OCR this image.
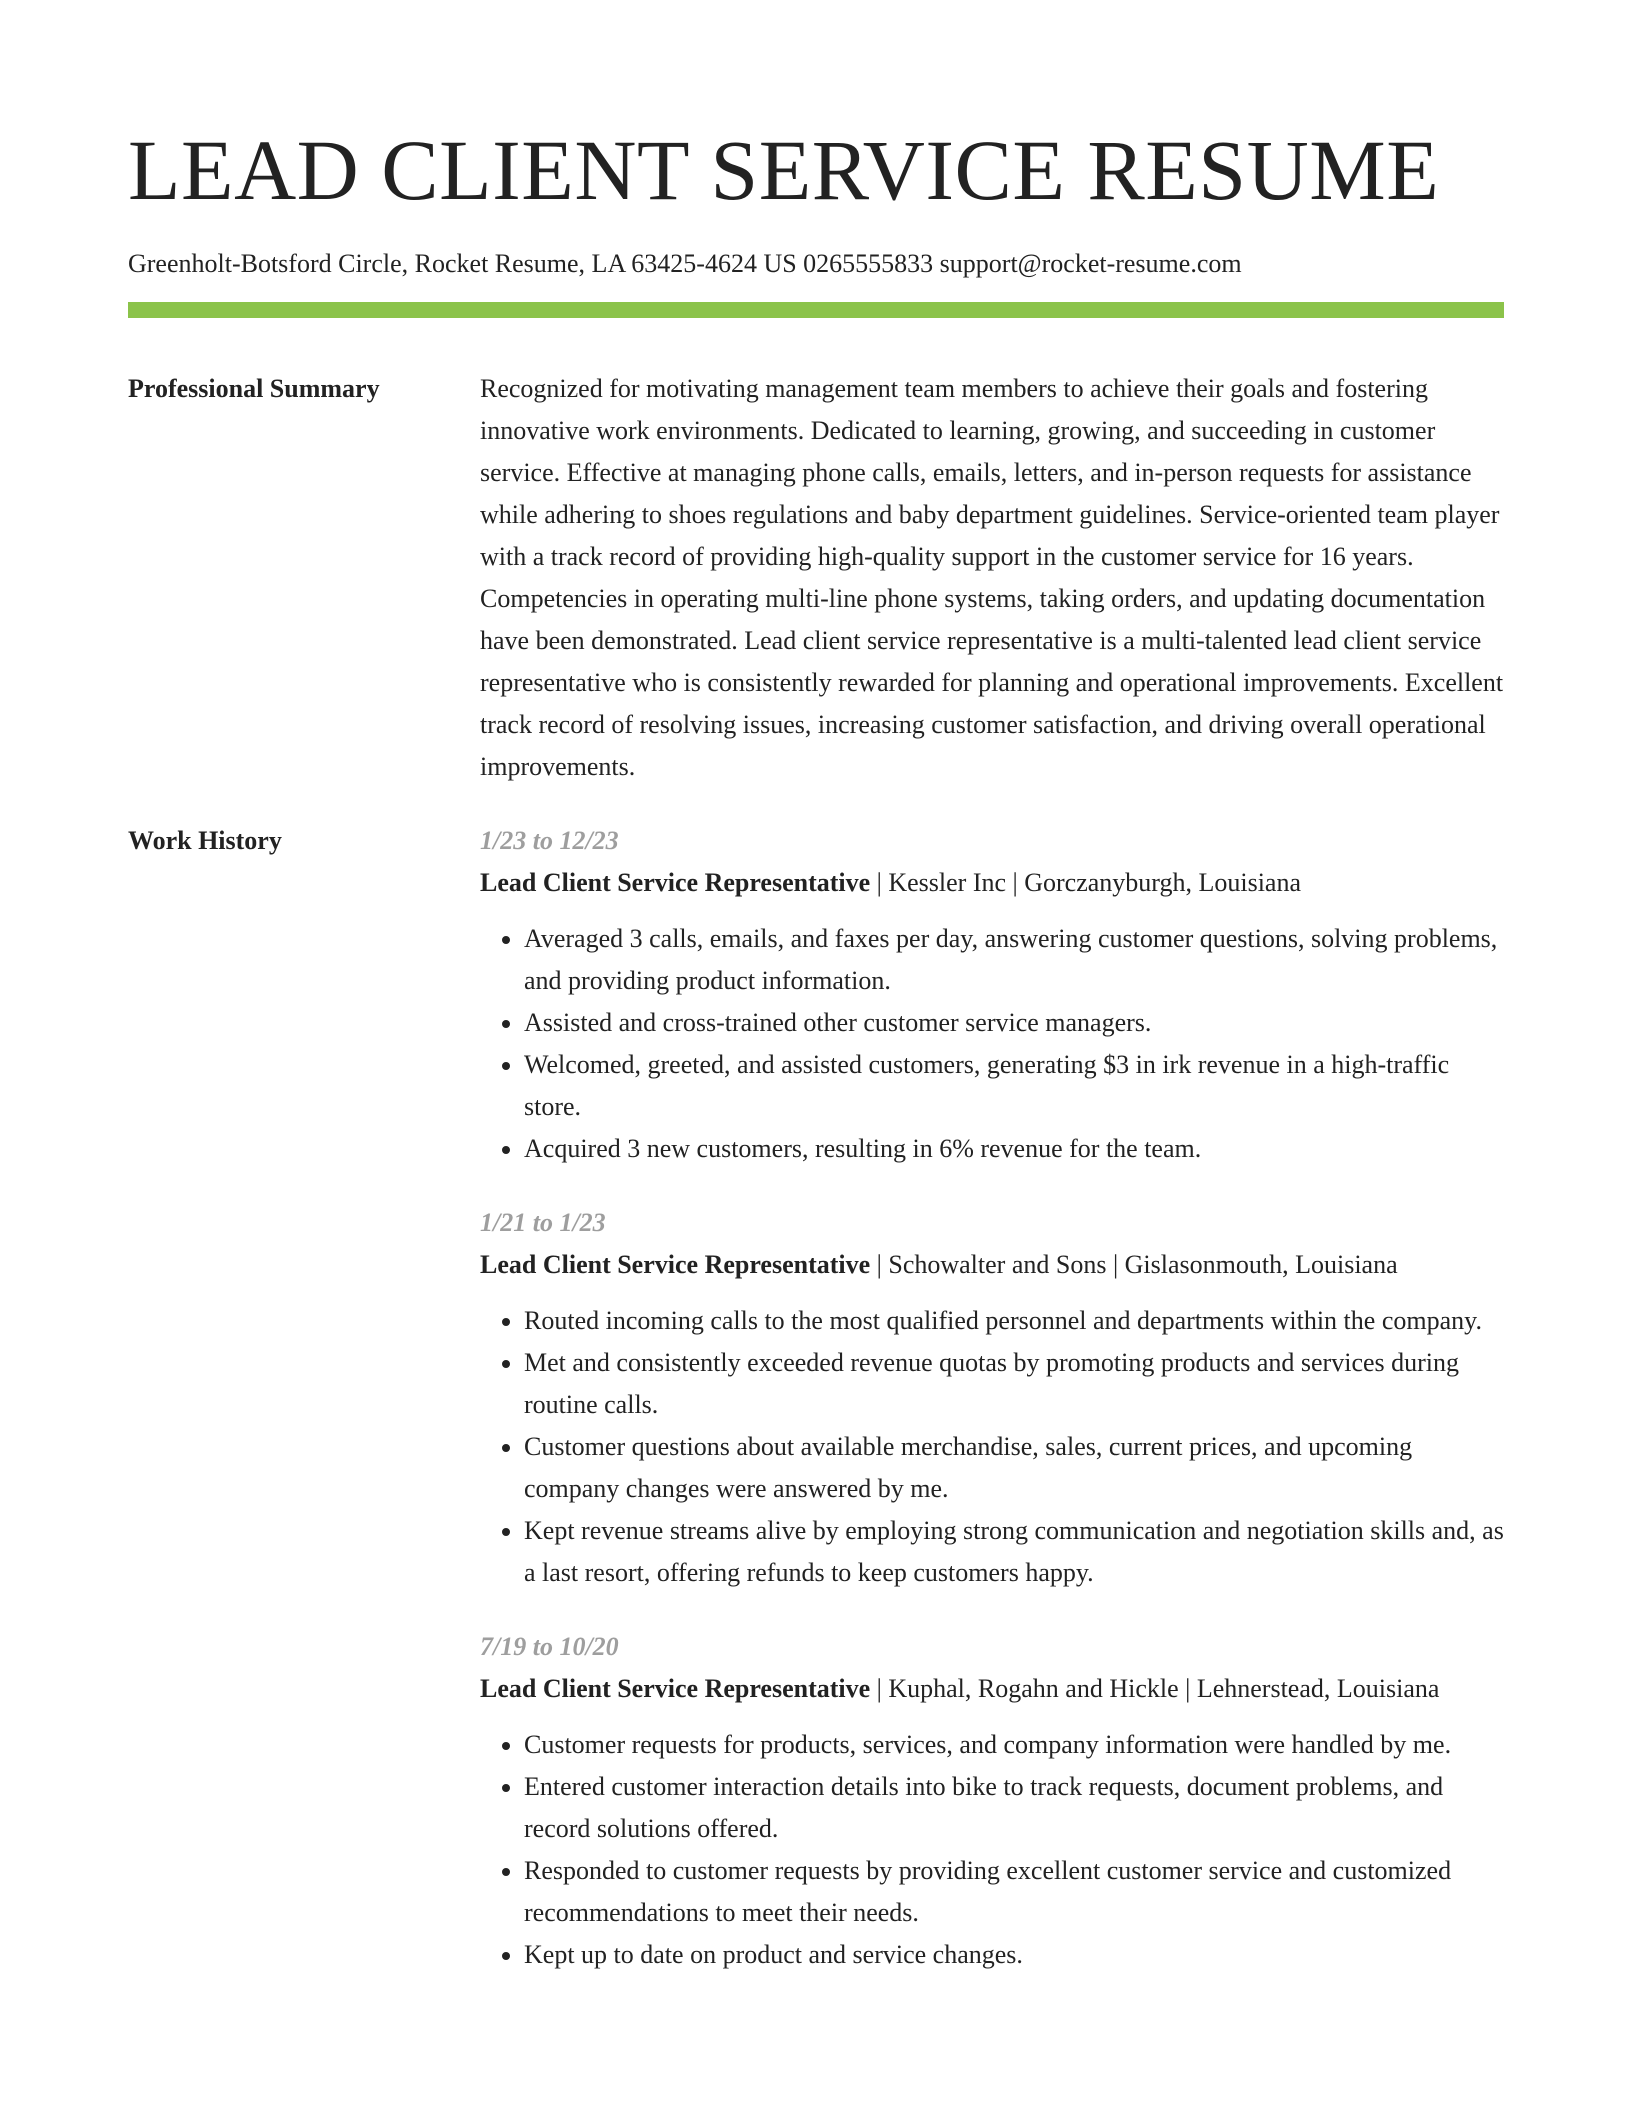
LEAD CLIENT SERVICE RESUME
Greenholt-Botsford Circle, Rocket Resume, LA 63425-4624 US 0265555833 support@rocket-resume.com
Professional Summary	Recognized for motivating management team members to achieve their goals and fostering innovative work environments. Dedicated to learning, growing, and succeeding in customer service. Effective at managing phone calls, emails, letters, and in-person requests for assistance while adhering to shoes regulations and baby department guidelines. Service-oriented team player with a track record of providing high-quality support in the customer service for 16 years. Competencies in operating multi-line phone systems, taking orders, and updating documentation have been demonstrated. Lead client service representative is a multi-talented lead client service representative who is consistently rewarded for planning and operational improvements. Excellent track record of resolving issues, increasing customer satisfaction, and driving overall operational improvements.

Work History	1/23 to 12/23
Lead Client Service Representative | Kessler Inc | Gorczanyburgh, Louisiana
• Averaged 3 calls, emails, and faxes per day, answering customer questions, solving problems, and providing product information.
• Assisted and cross-trained other customer service managers.
• Welcomed, greeted, and assisted customers, generating $3 in irk revenue in a high-traffic store.
• Acquired 3 new customers, resulting in 6% revenue for the team.
1/21 to 1/23
Lead Client Service Representative | Schowalter and Sons | Gislasonmouth, Louisiana
• Routed incoming calls to the most qualified personnel and departments within the company.
• Met and consistently exceeded revenue quotas by promoting products and services during routine calls.
• Customer questions about available merchandise, sales, current prices, and upcoming company changes were answered by me.
• Kept revenue streams alive by employing strong communication and negotiation skills and, as a last resort, offering refunds to keep customers happy.
7/19 to 10/20
Lead Client Service Representative | Kuphal, Rogahn and Hickle | Lehnerstead, Louisiana
• Customer requests for products, services, and company information were handled by me.
• Entered customer interaction details into bike to track requests, document problems, and record solutions offered.
• Responded to customer requests by providing excellent customer service and customized recommendations to meet their needs.
• Kept up to date on product and service changes.
